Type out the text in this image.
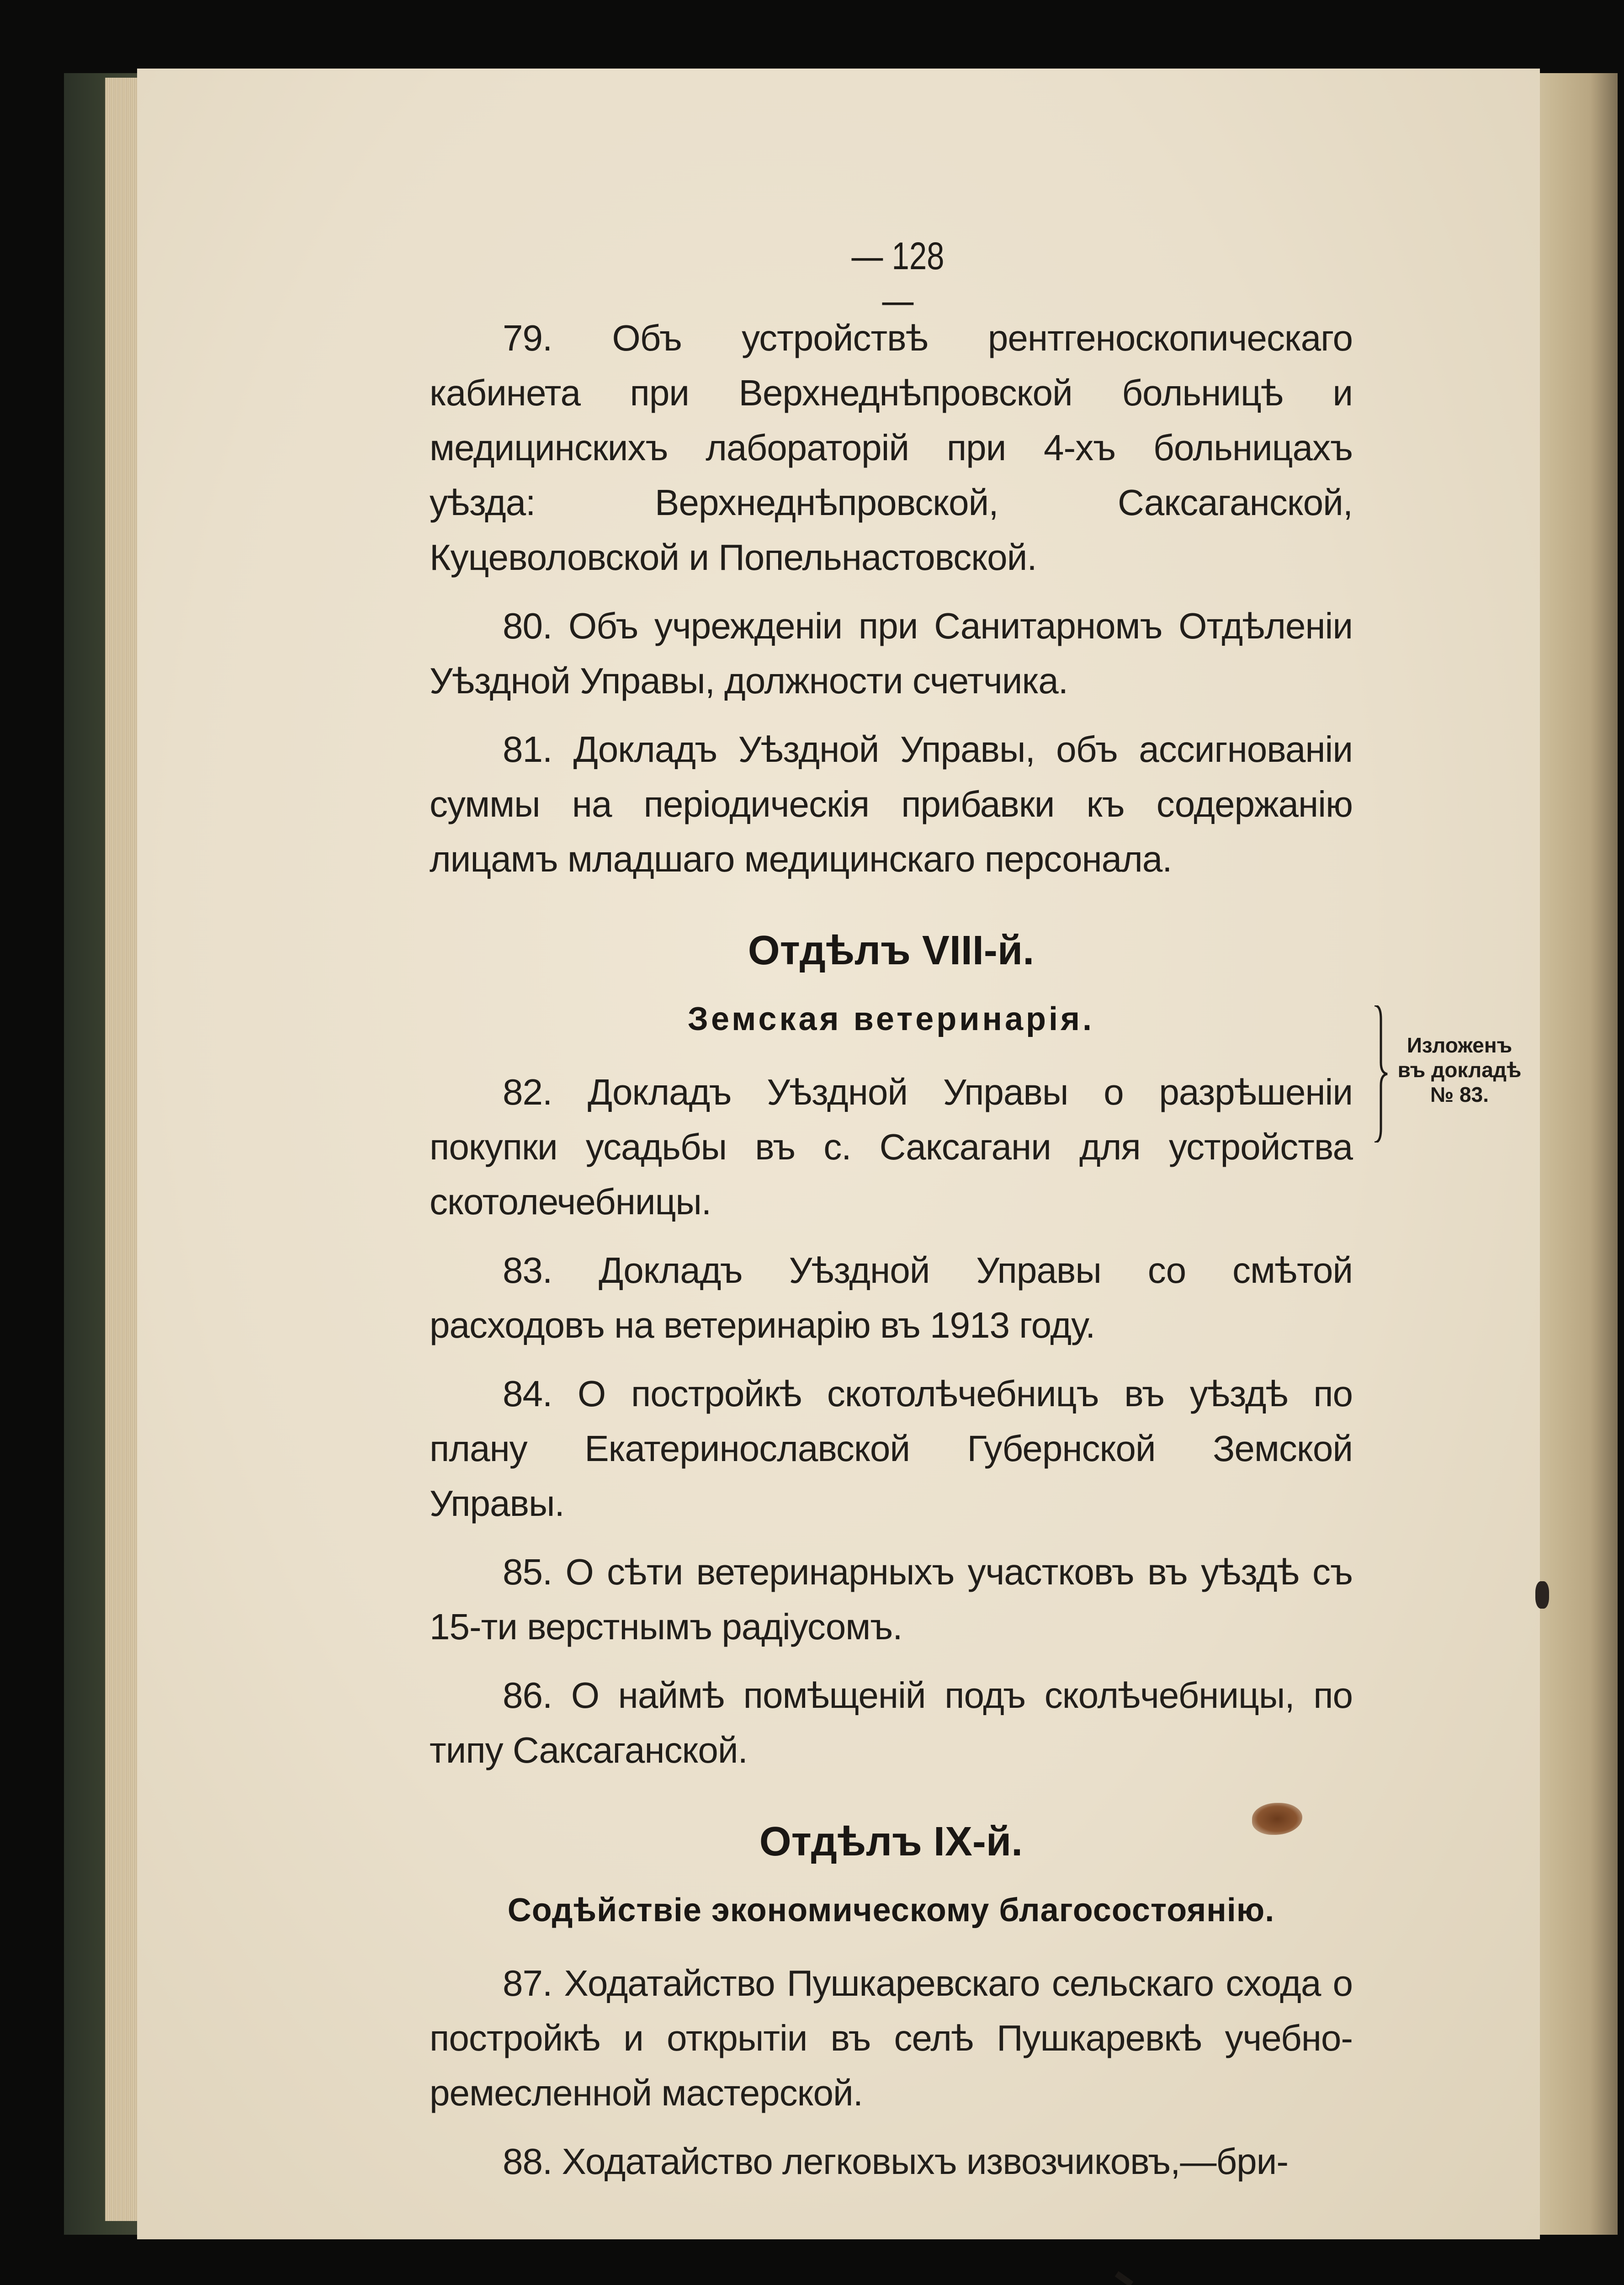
— 128 —

79. Объ устройствѣ рентгеноскопическаго кабинета при Верхнеднѣпровской больницѣ и медицинскихъ лабораторій при 4-хъ больницахъ уѣзда: Верхнеднѣпровской, Саксаганской, Куцеволовской и Попельнастовской.

80. Объ учрежденіи при Санитарномъ Отдѣленіи Уѣздной Управы, должности счетчика.

81. Докладъ Уѣздной Управы, объ ассигнованіи суммы на періодическія прибавки къ содержанію лицамъ младшаго медицинскаго персонала.

Отдѣлъ VIII-й.
Земская ветеринарія.

82. Докладъ Уѣздной Управы о разрѣшеніи покупки усадьбы въ с. Саксагани для устройства скотолечебницы.

83. Докладъ Уѣздной Управы со смѣтой расходовъ на ветеринарію въ 1913 году.

84. О постройкѣ скотолѣчебницъ въ уѣздѣ по плану Екатеринославской Губернской Земской Управы.

85. О сѣти ветеринарныхъ участковъ въ уѣздѣ съ 15-ти верстнымъ радіусомъ.

86. О наймѣ помѣщеній подъ сколѣчебницы, по типу Саксаганской.

Отдѣлъ IX-й.
Содѣйствіе экономическому благосостоянію.

87. Ходатайство Пушкаревскаго сельскаго схода о постройкѣ и открытіи въ селѣ Пушкаревкѣ учебно-ремесленной мастерской.

88. Ходатайство легковыхъ извозчиковъ,—бри-

Изложенъ
въ докладѣ
№ 83.
